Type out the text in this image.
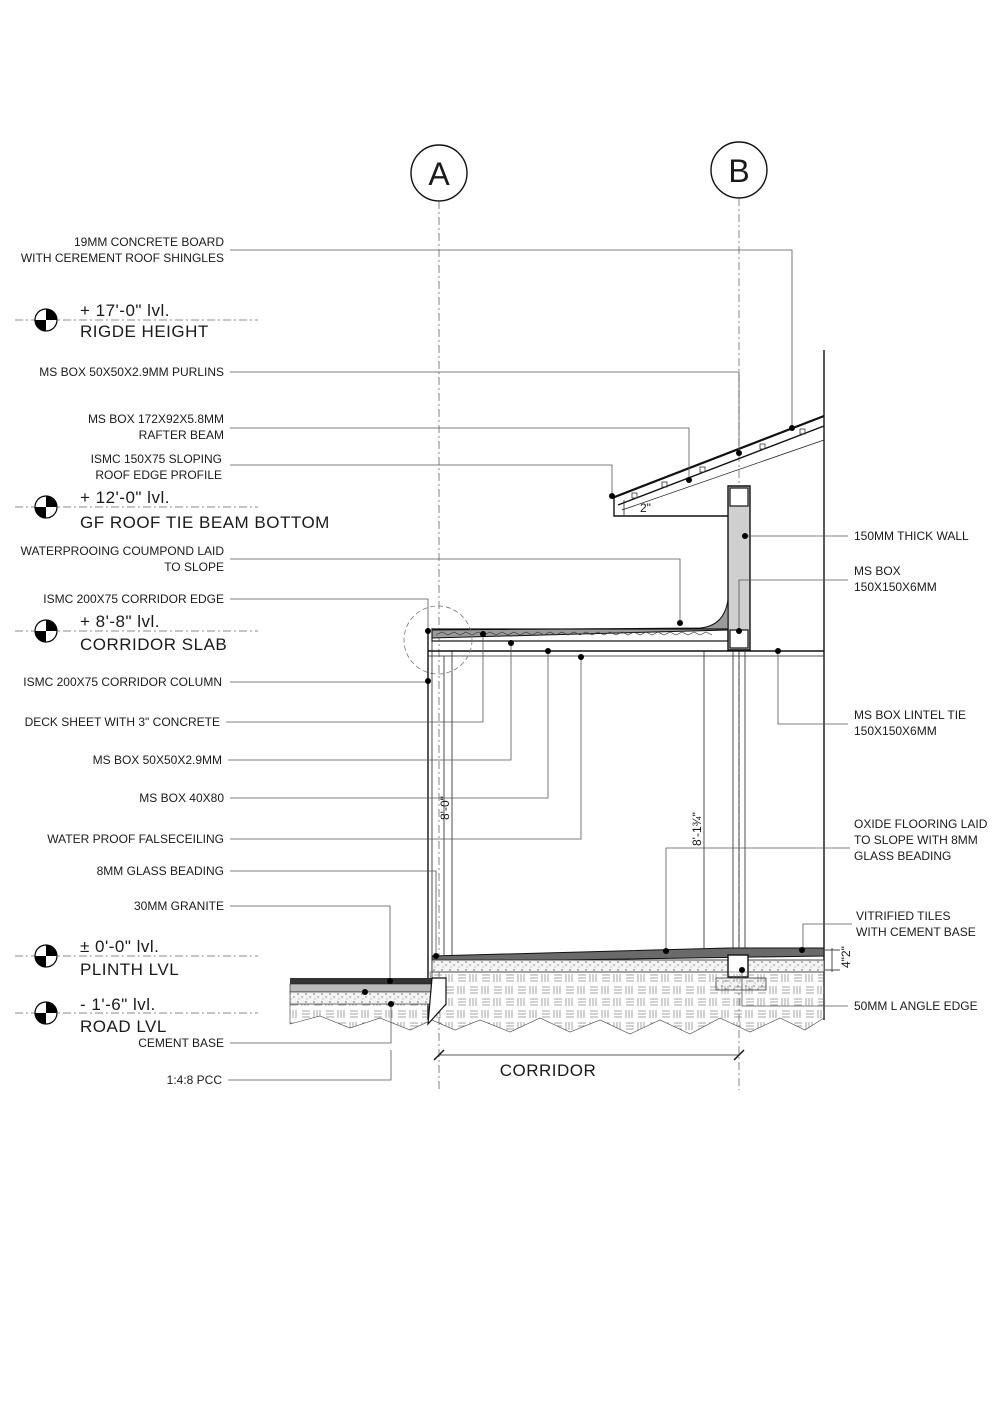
A	B
+ 17'-0" lvl.
RIGDE HEIGHT
+ 12'-0" lvl.
GF ROOF TIE BEAM BOTTOM
+ 8'-8" lvl.
CORRIDOR SLAB
± 0'-0" lvl.
PLINTH LVL
- 1'-6" lvl.
ROAD LVL
CORRIDOR
8'-0"
8'-1¾"
4"2"
2"
19MM CONCRETE BOARD
WITH CEREMENT ROOF SHINGLES
MS BOX 50X50X2.9MM PURLINS
MS BOX 172X92X5.8MM
RAFTER BEAM
ISMC 150X75 SLOPING
ROOF EDGE PROFILE
WATERPROOING COUMPOND LAID
TO SLOPE
ISMC 200X75 CORRIDOR EDGE
ISMC 200X75 CORRIDOR COLUMN
DECK SHEET WITH 3" CONCRETE
MS BOX 50X50X2.9MM
MS BOX 40X80
WATER PROOF FALSECEILING
8MM GLASS BEADING
30MM GRANITE
CEMENT BASE
1:4:8 PCC
150MM THICK WALL
MS BOX
150X150X6MM
MS BOX LINTEL TIE
150X150X6MM
OXIDE FLOORING LAID
TO SLOPE WITH 8MM
GLASS BEADING
VITRIFIED TILES
WITH CEMENT BASE
50MM L ANGLE EDGE
